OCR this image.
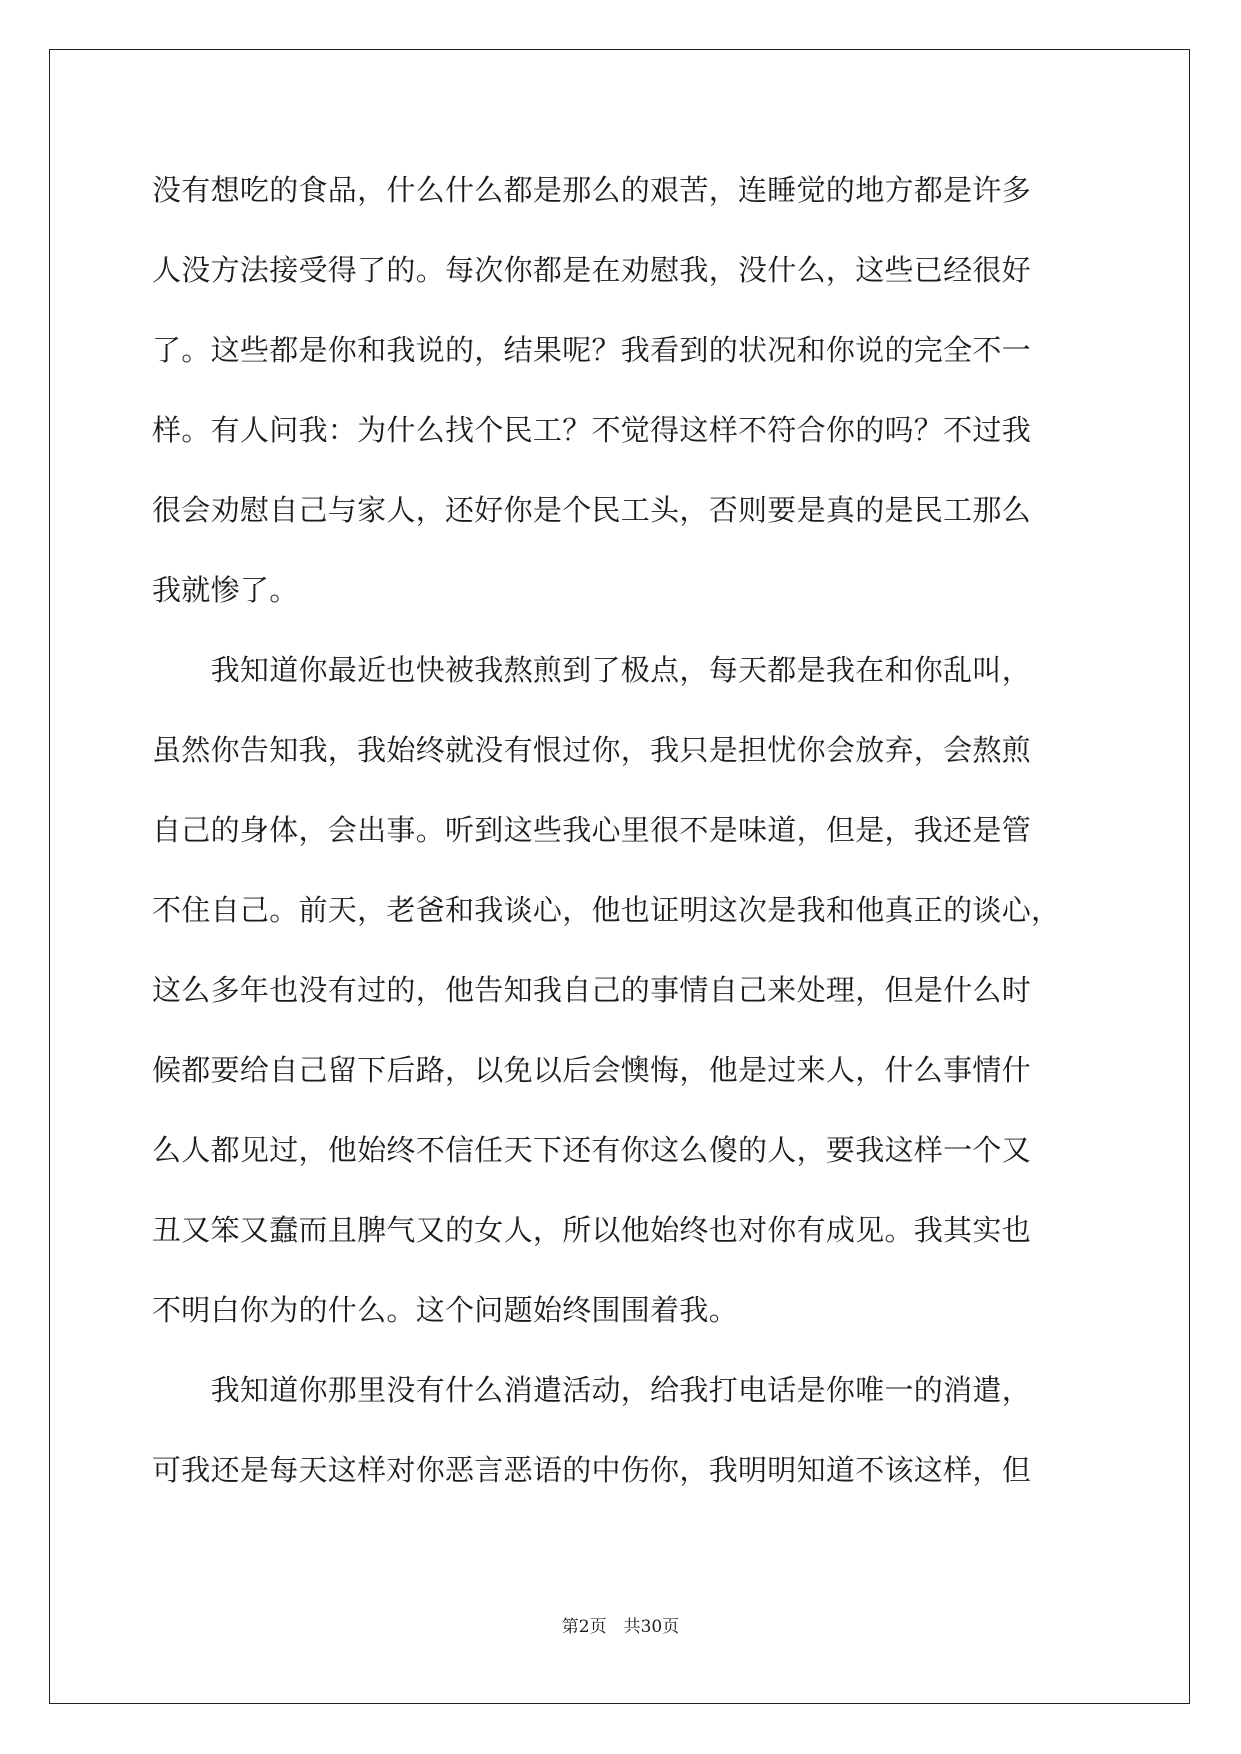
没有想吃的食品，什么什么都是那么的艰苦，连睡觉的地方都是许多
人没方法接受得了的。每次你都是在劝慰我，没什么，这些已经很好
了。这些都是你和我说的，结果呢？我看到的状况和你说的完全不一
样。有人问我：为什么找个民工？不觉得这样不符合你的吗？不过我
很会劝慰自己与家人，还好你是个民工头，否则要是真的是民工那么
我就惨了。
　　我知道你最近也快被我熬煎到了极点，每天都是我在和你乱叫，
虽然你告知我，我始终就没有恨过你，我只是担忧你会放弃，会熬煎
自己的身体，会出事。听到这些我心里很不是味道，但是，我还是管
不住自己。前天，老爸和我谈心，他也证明这次是我和他真正的谈心，
这么多年也没有过的，他告知我自己的事情自己来处理，但是什么时
候都要给自己留下后路，以免以后会懊悔，他是过来人，什么事情什
么人都见过，他始终不信任天下还有你这么傻的人，要我这样一个又
丑又笨又蠢而且脾气又的女人，所以他始终也对你有成见。我其实也
不明白你为的什么。这个问题始终围围着我。
　　我知道你那里没有什么消遣活动，给我打电话是你唯一的消遣，
可我还是每天这样对你恶言恶语的中伤你，我明明知道不该这样，但
第2页　共30页
